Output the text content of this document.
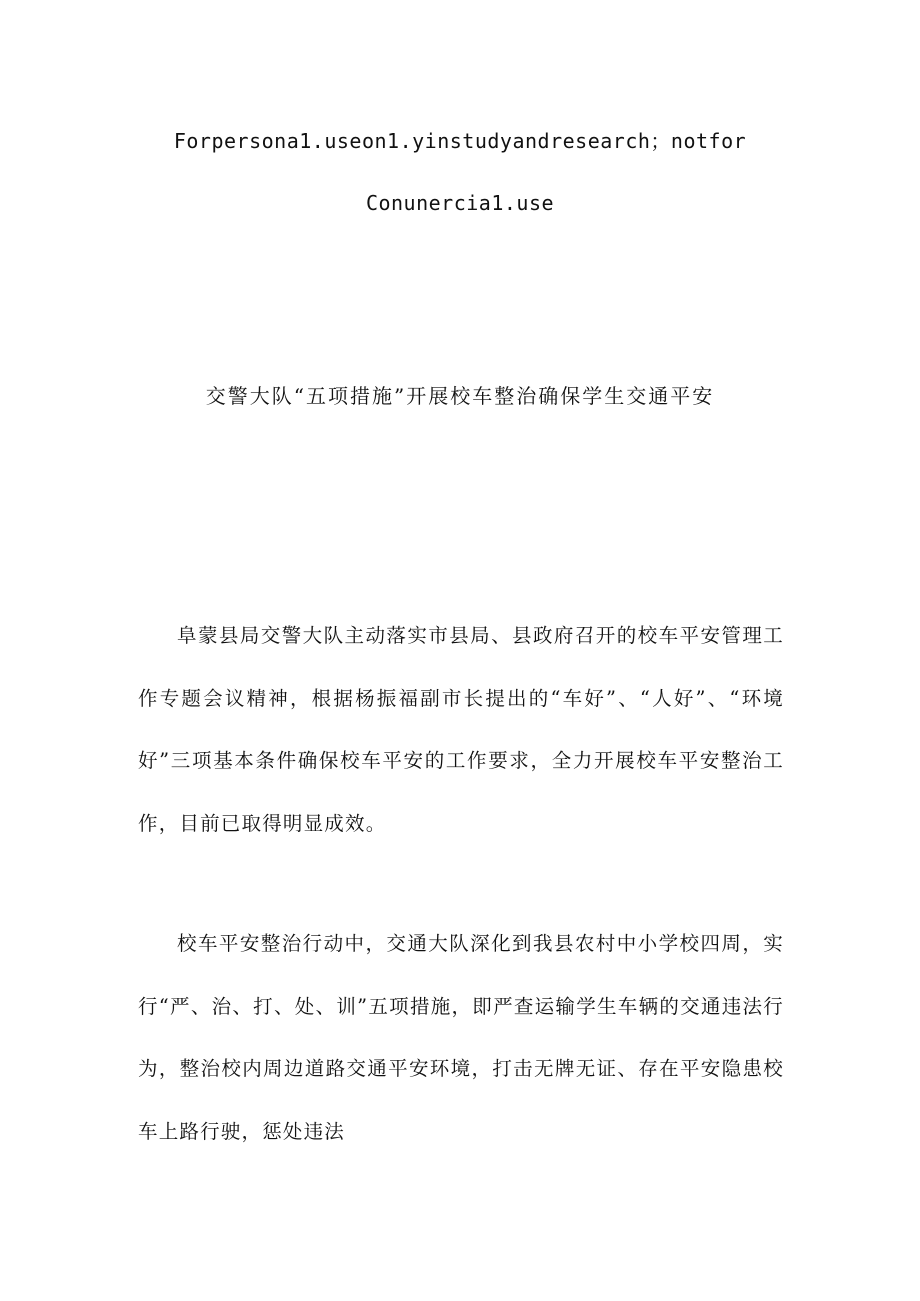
Forpersona1.useon1.yinstudyandresearch；notfor
Conunercia1.use
交警大队“五项措施”开展校车整治确保学生交通平安

阜蒙县局交警大队主动落实市县局、县政府召开的校车平安管理工作专题会议精神，根据杨振福副市长提出的“车好”、“人好”、“环境好”三项基本条件确保校车平安的工作要求，全力开展校车平安整治工作，目前已取得明显成效。

校车平安整治行动中，交通大队深化到我县农村中小学校四周，实行“严、治、打、处、训”五项措施，即严查运输学生车辆的交通违法行为，整治校内周边道路交通平安环境，打击无牌无证、存在平安隐患校车上路行驶，惩处违法
